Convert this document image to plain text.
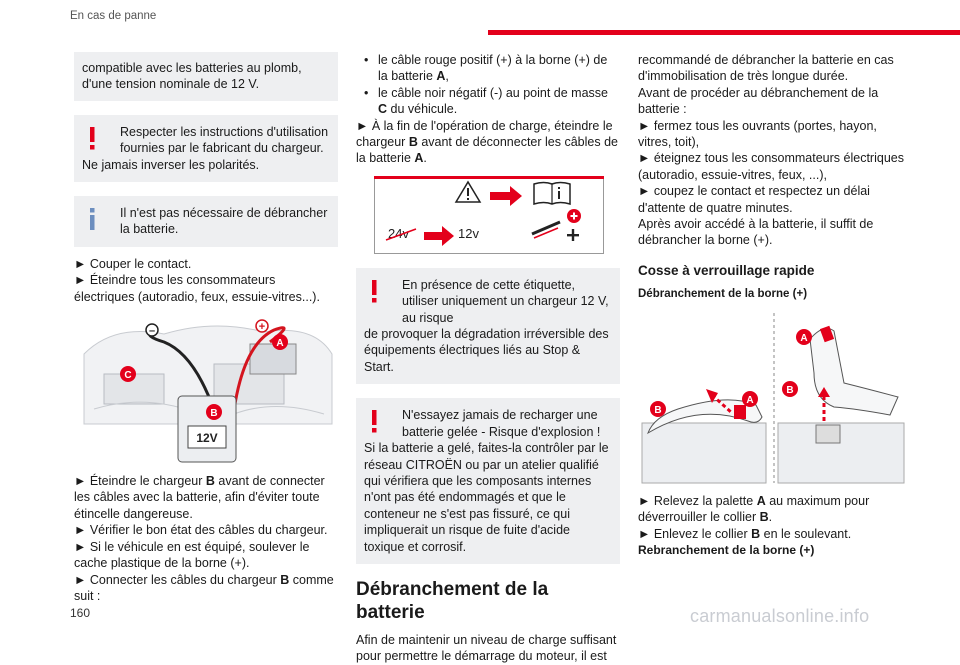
En cas de panne

compatible avec les batteries au plomb, d'une tension nominale de 12 V.

Respecter les instructions d'utilisation fournies par le fabricant du chargeur.
Ne jamais inverser les polarités.
Il n'est pas nécessaire de débrancher la batterie.

► Couper le contact.

► Éteindre tous les consommateurs électriques (autoradio, feux, essuie-vitres...).

–	+
12V
A
B
C

► Éteindre le chargeur B avant de connecter les câbles avec la batterie, afin d'éviter toute étincelle dangereuse.

► Vérifier le bon état des câbles du chargeur.

► Si le véhicule en est équipé, soulever le cache plastique de la borne (+).

► Connecter les câbles du chargeur B comme suit :

• le câble rouge positif (+) à la borne (+) de la batterie A,
• le câble noir négatif (-) au point de masse C du véhicule.

► À la fin de l'opération de charge, éteindre le chargeur B avant de déconnecter les câbles de la batterie A.

24v	12v
En présence de cette étiquette, utiliser uniquement un chargeur 12 V, au risque
de provoquer la dégradation irréversible des équipements électriques liés au Stop & Start.
N'essayez jamais de recharger une batterie gelée - Risque d'explosion !
Si la batterie a gelé, faites-la contrôler par le réseau CITROËN ou par un atelier qualifié qui vérifiera que les composants internes n'ont pas été endommagés et que le conteneur ne s'est pas fissuré, ce qui impliquerait un risque de fuite d'acide toxique et corrosif.
Débranchement de la batterie

Afin de maintenir un niveau de charge suffisant pour permettre le démarrage du moteur, il est

recommandé de débrancher la batterie en cas d'immobilisation de très longue durée.

Avant de procéder au débranchement de la batterie :

► fermez tous les ouvrants (portes, hayon, vitres, toit),

► éteignez tous les consommateurs électriques (autoradio, essuie-vitres, feux, ...),

► coupez le contact et respectez un délai d'attente de quatre minutes.

Après avoir accédé à la batterie, il suffit de débrancher la borne (+).

Cosse à verrouillage rapide
Débranchement de la borne (+)
A
B
A
B

► Relevez la palette A au maximum pour déverrouiller le collier B.

► Enlevez le collier B en le soulevant.

Rebranchement de la borne (+)
160	carmanualsonline.info
